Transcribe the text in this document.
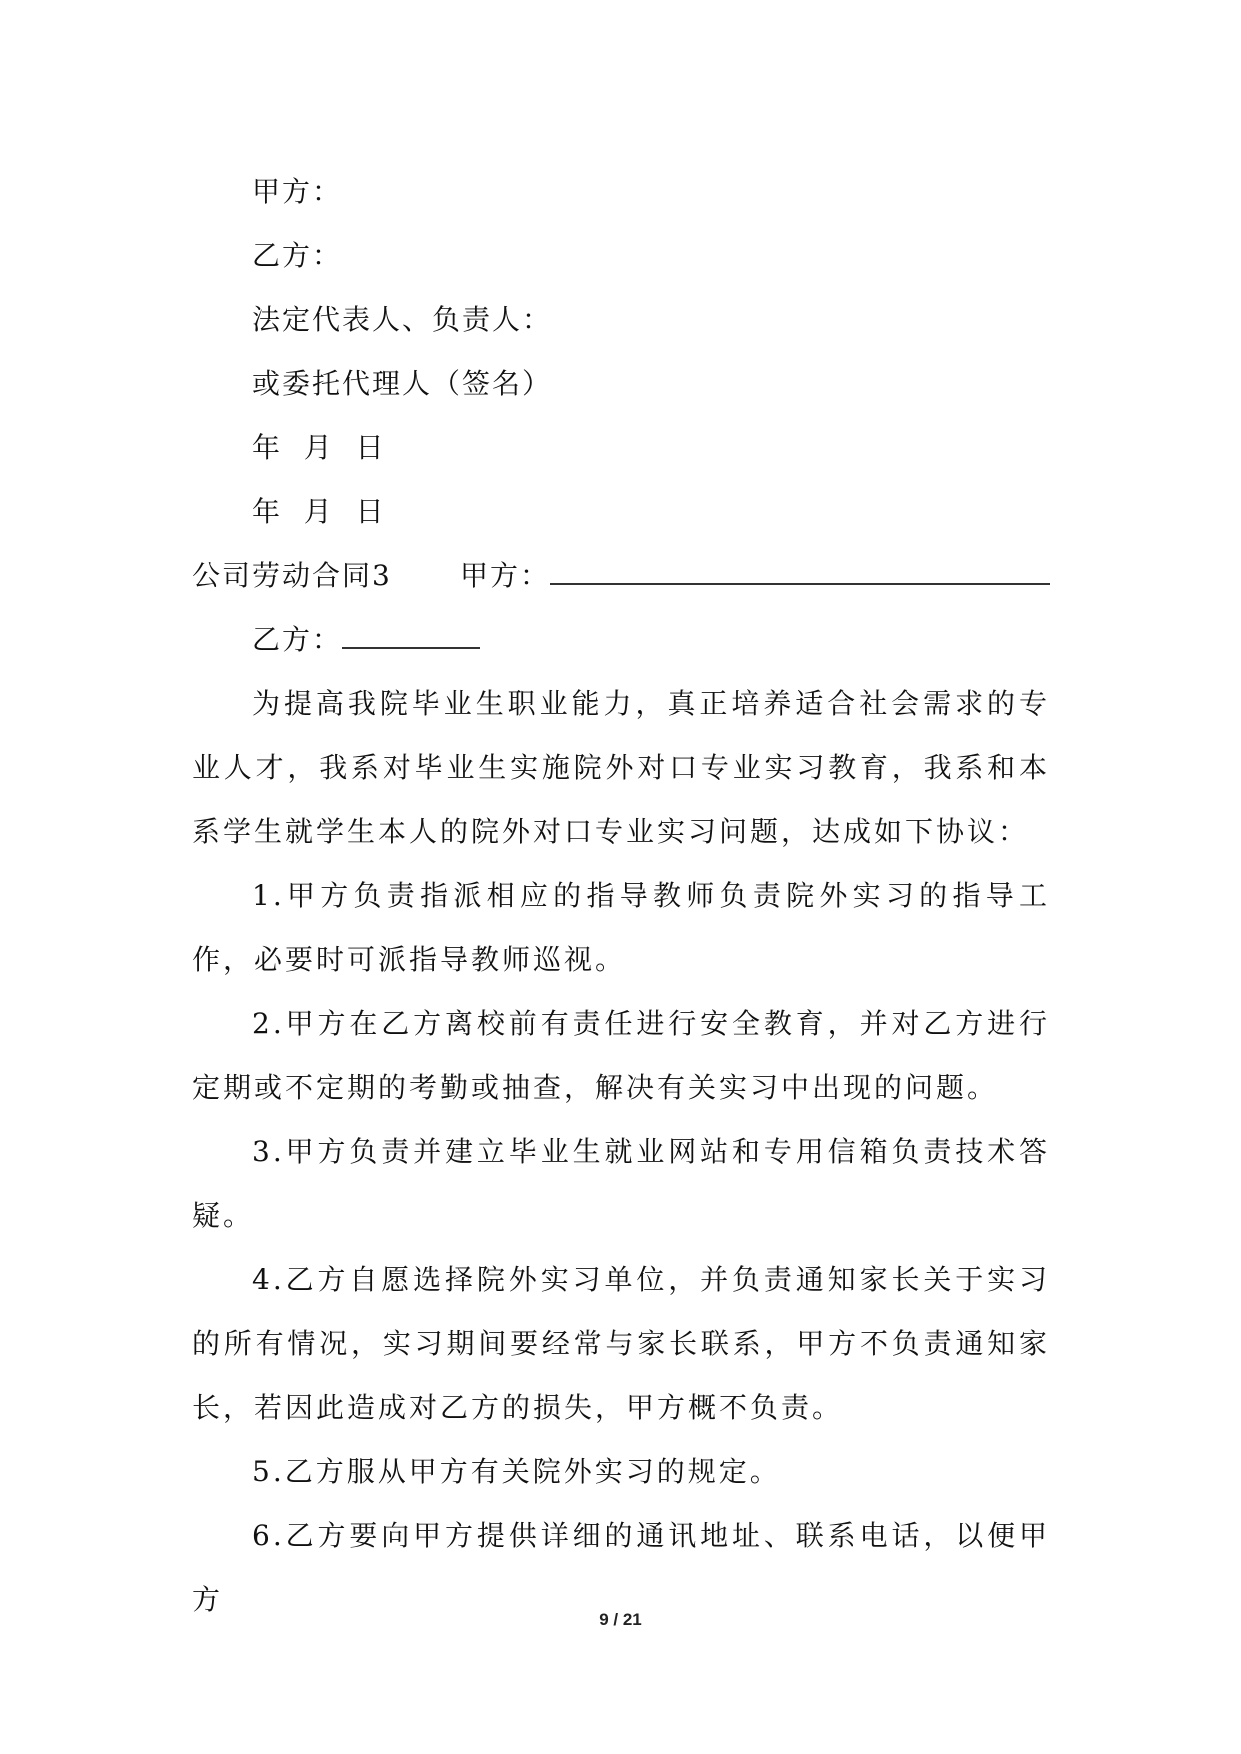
甲方：
乙方：
法定代表人、负责人：
或委托代理人（签名）
年  月  日
年  月  日
公司劳动合同3 甲方：
乙方：

为提高我院毕业生职业能力，真正培养适合社会需求的专业人才，我系对毕业生实施院外对口专业实习教育，我系和本系学生就学生本人的院外对口专业实习问题，达成如下协议：

1.甲方负责指派相应的指导教师负责院外实习的指导工作，必要时可派指导教师巡视。

2.甲方在乙方离校前有责任进行安全教育，并对乙方进行定期或不定期的考勤或抽查，解决有关实习中出现的问题。

3.甲方负责并建立毕业生就业网站和专用信箱负责技术答疑。

4.乙方自愿选择院外实习单位，并负责通知家长关于实习的所有情况，实习期间要经常与家长联系，甲方不负责通知家长，若因此造成对乙方的损失，甲方概不负责。

5.乙方服从甲方有关院外实习的规定。

6.乙方要向甲方提供详细的通讯地址、联系电话，以便甲方

9 / 21
